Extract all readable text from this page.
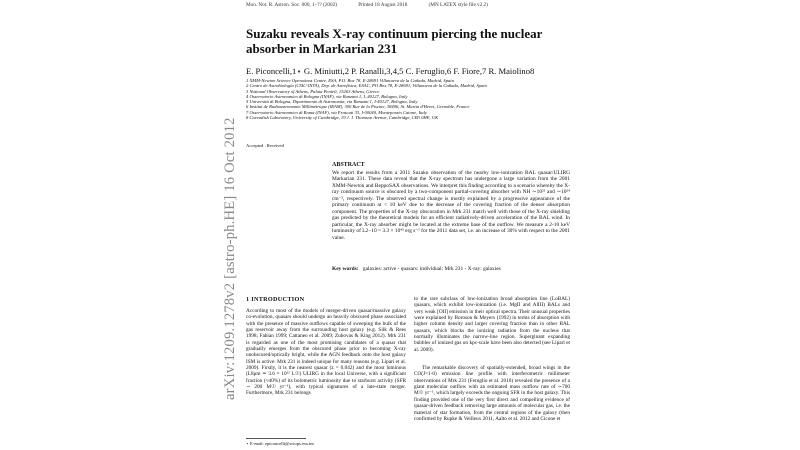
Mon. Not. R. Astron. Soc. 000, 1–?? (2002)	Printed 18 August 2018	(MN LATEX style file v2.2)
arXiv:1209.1278v2 [astro-ph.HE] 16 Oct 2012
Suzaku reveals X-ray continuum piercing the nuclear absorber in Markarian 231
E. Piconcelli,1⋆ G. Miniutti,2 P. Ranalli,3,4,5 C. Feruglio,6 F. Fiore,7 R. Maiolino8
1 XMM-Newton Science Operations Centre, ESA, P.O. Box 78, E-28691 Villanueva de la Cañada, Madrid, Spain
2 Centro de Astrobiología (CSIC-INTA), Dep. de Astrofísica, ESAC, PO Box 78, E-28691, Villanueva de la Cañada, Madrid, Spain
3 National Observatory of Athens, Palaia Penteli, 15263 Athens, Greece
4 Osservatorio Astronomico di Bologna (INAF), via Ranzani 1, I–40127, Bologna, Italy
5 Università di Bologna, Dipartimento di Astronomia, via Ranzani 1, I-40127, Bologna, Italy
6 Institut de Radioastronomie Millimétrique (IRAM), 300 Rue de la Piscine, 38406, St. Martin d'Heres, Grenoble, France
7 Osservatorio Astronomico di Roma (INAF), via Frascati 33, I-00040, Monteporzio Catone, Italy
8 Cavendish Laboratory, University of Cambridge, 19 J. J. Thomson Avenue, Cambridge, CB3 0HE, UK
Accepted . Received
ABSTRACT
We report the results from a 2011 Suzaku observation of the nearby low-ionization BAL quasar/ULIRG Markarian 231. These data reveal that the X-ray spectrum has undergone a large variation from the 2001 XMM-Newton and BeppoSAX observations. We interpret this finding according to a scenario whereby the X-ray continuum source is obscured by a two-component partial-covering absorber with NH ∼10²² and ∼10²⁴ cm⁻², respectively. The observed spectral change is mostly explained by a progressive appearance of the primary continuum at < 10 keV due to the decrease of the covering fraction of the denser absorption component. The properties of the X-ray obscuration in Mrk 231 match well with those of the X-ray shielding gas predicted by the theoretical models for an efficient radiatively-driven acceleration of the BAL wind. In particular, the X-ray absorber might be located at the extreme base of the outflow. We measure a 2-10 keV luminosity of L2−10 = 3.3 × 10⁴³ erg s⁻¹ for the 2011 data set, i.e. an increase of 30% with respect to the 2001 value.
Key words: galaxies: active - quasars: individual: Mrk 231 - X-ray: galaxies
1 INTRODUCTION

According to most of the models of merger-driven quasar/massive galaxy co-evolution, quasars should undergo an heavily obscured phase associated with the presence of massive outflows capable of sweeping the bulk of the gas reservoir away from the surrounding host galaxy (e.g. Silk & Rees 1998; Fabian 1999; Cattaneo et al. 2009; Zubovas & King 2012). Mrk 231 is regarded as one of the most promising candidates of a quasar that gradually emerges from the obscured phase prior to becoming X-ray unobscured/optically bright, while the AGN feedback onto the host galaxy ISM is active: Mrk 231 is indeed unique for many reasons (e.g. Lipari et al. 2009). Firstly, it is the nearest quasar (z = 0.042) and the most luminous (L8μm ≃ 3.6 × 10¹² L☉) ULIRG in the local Universe, with a significant fraction (≈40%) of its bolometric luminosity due to starburst activity (SFR ∼ 200 M☉ yr⁻¹), with typical signatures of a late-state merger. Furthermore, Mrk 231 belongs

to the rare subclass of low-ionization broad absorption line (LoBAL) quasars, which exhibit low-ionization (i.e. MgII and AlIII) BALs and very weak [OII] emission in their optical spectra. Their unusual properties were explained by Boroson & Meyers (1992) in terms of absorption with higher column density and larger covering fraction than in other BAL quasars, which blocks the ionizing radiation from the nucleus that normally illuminates the narrow-line region. Superginant expanding bubbles of ionized gas on kpc-scale have been also detected (see Lipari et al. 2009).

The remarkable discovery of spatially-extended, broad wings in the CO(J=1-0) emission line profile with interferometric millimeter observations of Mrk 231 (Feruglio et al. 2010) revealed the presence of a giant molecular outflow with an estimated mass outflow rate of ∼700 M☉ yr⁻¹, which largely exceeds the ongoing SFR in the host galaxy. This finding provided one of the very first direct and compelling evidence of quasar-driven feedback removing large amounts of molecular gas, i.e. the material of star formation, from the central regions of the galaxy (then confirmed by Rupke & Veilleux 2011, Aalto et al. 2012 and Cicone et

⋆ E-mail: epiconcelli@sciops.esa.int
